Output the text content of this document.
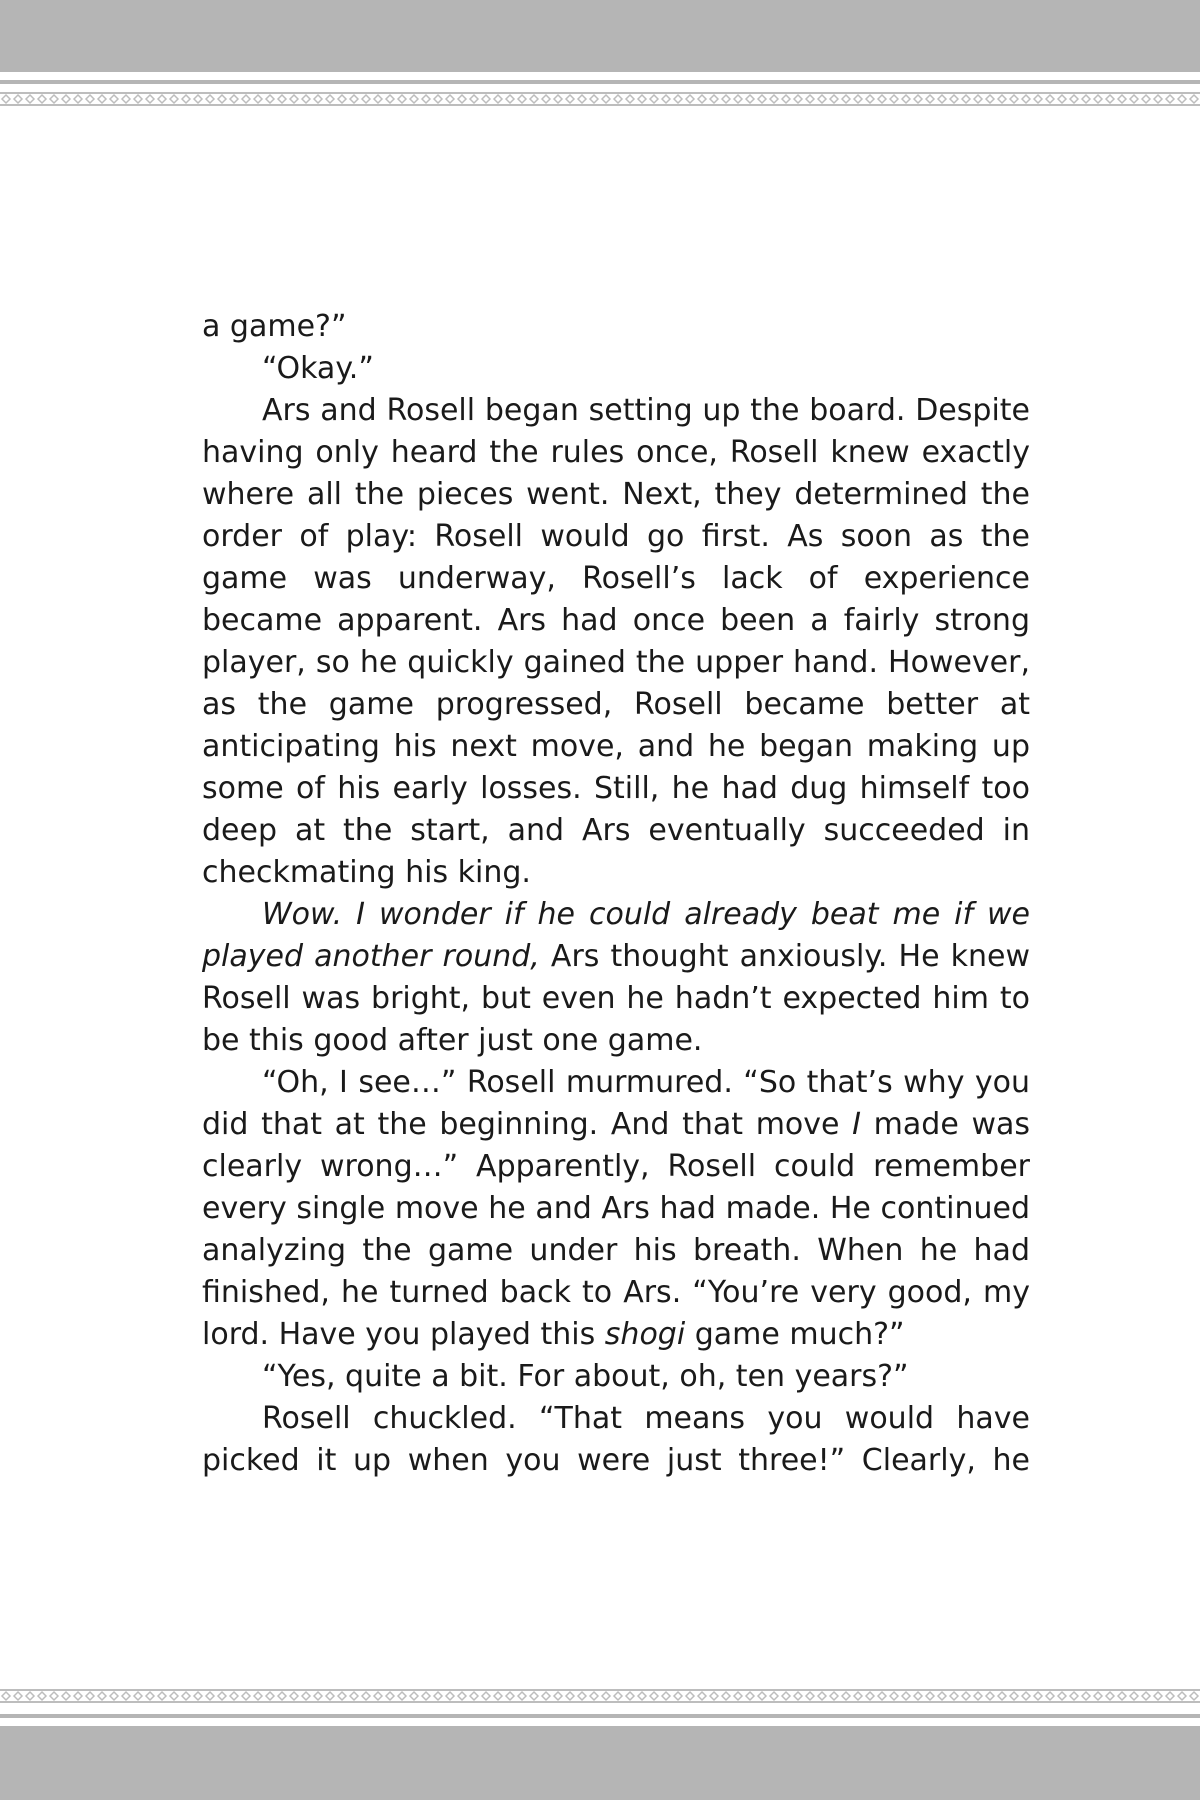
a game?”

“Okay.”

Ars and Rosell began setting up the board. Despite having only heard the rules once, Rosell knew exactly where all the pieces went. Next, they determined the order of play: Rosell would go first. As soon as the game was underway, Rosell’s lack of experience became apparent. Ars had once been a fairly strong player, so he quickly gained the upper hand. However, as the game progressed, Rosell became better at anticipating his next move, and he began making up some of his early losses. Still, he had dug himself too deep at the start, and Ars eventually succeeded in checkmating his king.

Wow. I wonder if he could already beat me if we played another round, Ars thought anxiously. He knew Rosell was bright, but even he hadn’t expected him to be this good after just one game.

“Oh, I see…” Rosell murmured. “So that’s why you did that at the beginning. And that move I made was clearly wrong…” Apparently, Rosell could remember every single move he and Ars had made. He continued analyzing the game under his breath. When he had finished, he turned back to Ars. “You’re very good, my lord. Have you played this shogi game much?”

“Yes, quite a bit. For about, oh, ten years?”

Rosell chuckled. “That means you would have picked it up when you were just three!” Clearly, he
